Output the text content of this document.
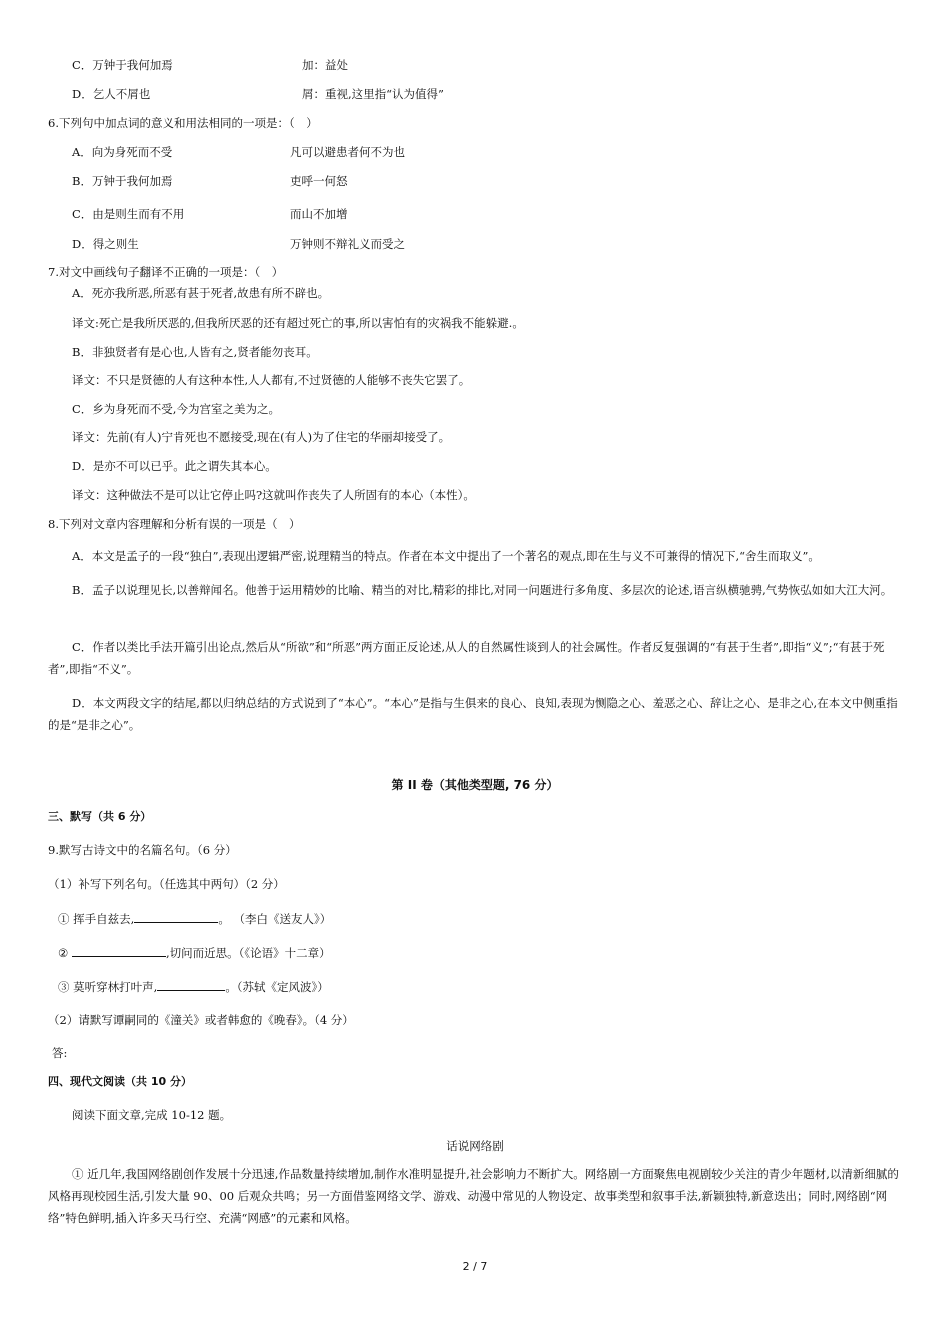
C．万钟于我何加焉	加：益处
D．乞人不屑也	屑：重视,这里指“认为值得”
6.下列句中加点词的意义和用法相同的一项是：（　）
A．向为身死而不受	凡可以避患者何不为也
B．万钟于我何加焉	吏呼一何怒
C．由是则生而有不用	而山不加增
D．得之则生	万钟则不辩礼义而受之
7.对文中画线句子翻译不正确的一项是：（　）
A．死亦我所恶,所恶有甚于死者,故患有所不辟也。
译文:死亡是我所厌恶的,但我所厌恶的还有超过死亡的事,所以害怕有的灾祸我不能躲避.。
B．非独贤者有是心也,人皆有之,贤者能勿丧耳。
译文：不只是贤德的人有这种本性,人人都有,不过贤德的人能够不丧失它罢了。
C．乡为身死而不受,今为宫室之美为之。
译文：先前(有人)宁肯死也不愿接受,现在(有人)为了住宅的华丽却接受了。
D．是亦不可以已乎。此之谓失其本心。
译文：这种做法不是可以让它停止吗?这就叫作丧失了人所固有的本心（本性）。
8.下列对文章内容理解和分析有误的一项是（　）
A．本文是孟子的一段“独白”,表现出逻辑严密,说理精当的特点。作者在本文中提出了一个著名的观点,即在生与义不可兼得的情况下,“舍生而取义”。
B．孟子以说理见长,以善辩闻名。他善于运用精妙的比喻、精当的对比,精彩的排比,对同一问题进行多角度、多层次的论述,语言纵横驰骋,气势恢弘如如大江大河。
C．作者以类比手法开篇引出论点,然后从“所欲”和“所恶”两方面正反论述,从人的自然属性谈到人的社会属性。作者反复强调的“有甚于生者”,即指“义”;“有甚于死者”,即指“不义”。
D．本文两段文字的结尾,都以归纳总结的方式说到了“本心”。“本心”是指与生俱来的良心、良知,表现为恻隐之心、羞恶之心、辞让之心、是非之心,在本文中侧重指的是“是非之心”。
第 II 卷（其他类型题, 76 分）
三、默写（共 6 分）
9.默写古诗文中的名篇名句。（6 分）
（1）补写下列名句。（任选其中两句）（2 分）
① 挥手自兹去,	。 （李白《送友人》）
②	,切问而近思。（《论语》十二章）
③ 莫听穿林打叶声,	。（苏轼《定风波》）
（2）请默写谭嗣同的《潼关》或者韩愈的《晚春》。（4 分）
答:
四、现代文阅读（共 10 分）
阅读下面文章,完成 10-12 题。
话说网络剧
① 近几年,我国网络剧创作发展十分迅速,作品数量持续增加,制作水准明显提升,社会影响力不断扩大。网络剧一方面聚焦电视剧较少关注的青少年题材,以清新细腻的风格再现校园生活,引发大量 90、00 后观众共鸣；另一方面借鉴网络文学、游戏、动漫中常见的人物设定、故事类型和叙事手法,新颖独特,新意迭出；同时,网络剧“网络”特色鲜明,插入许多天马行空、充满“网感”的元素和风格。
2 / 7
